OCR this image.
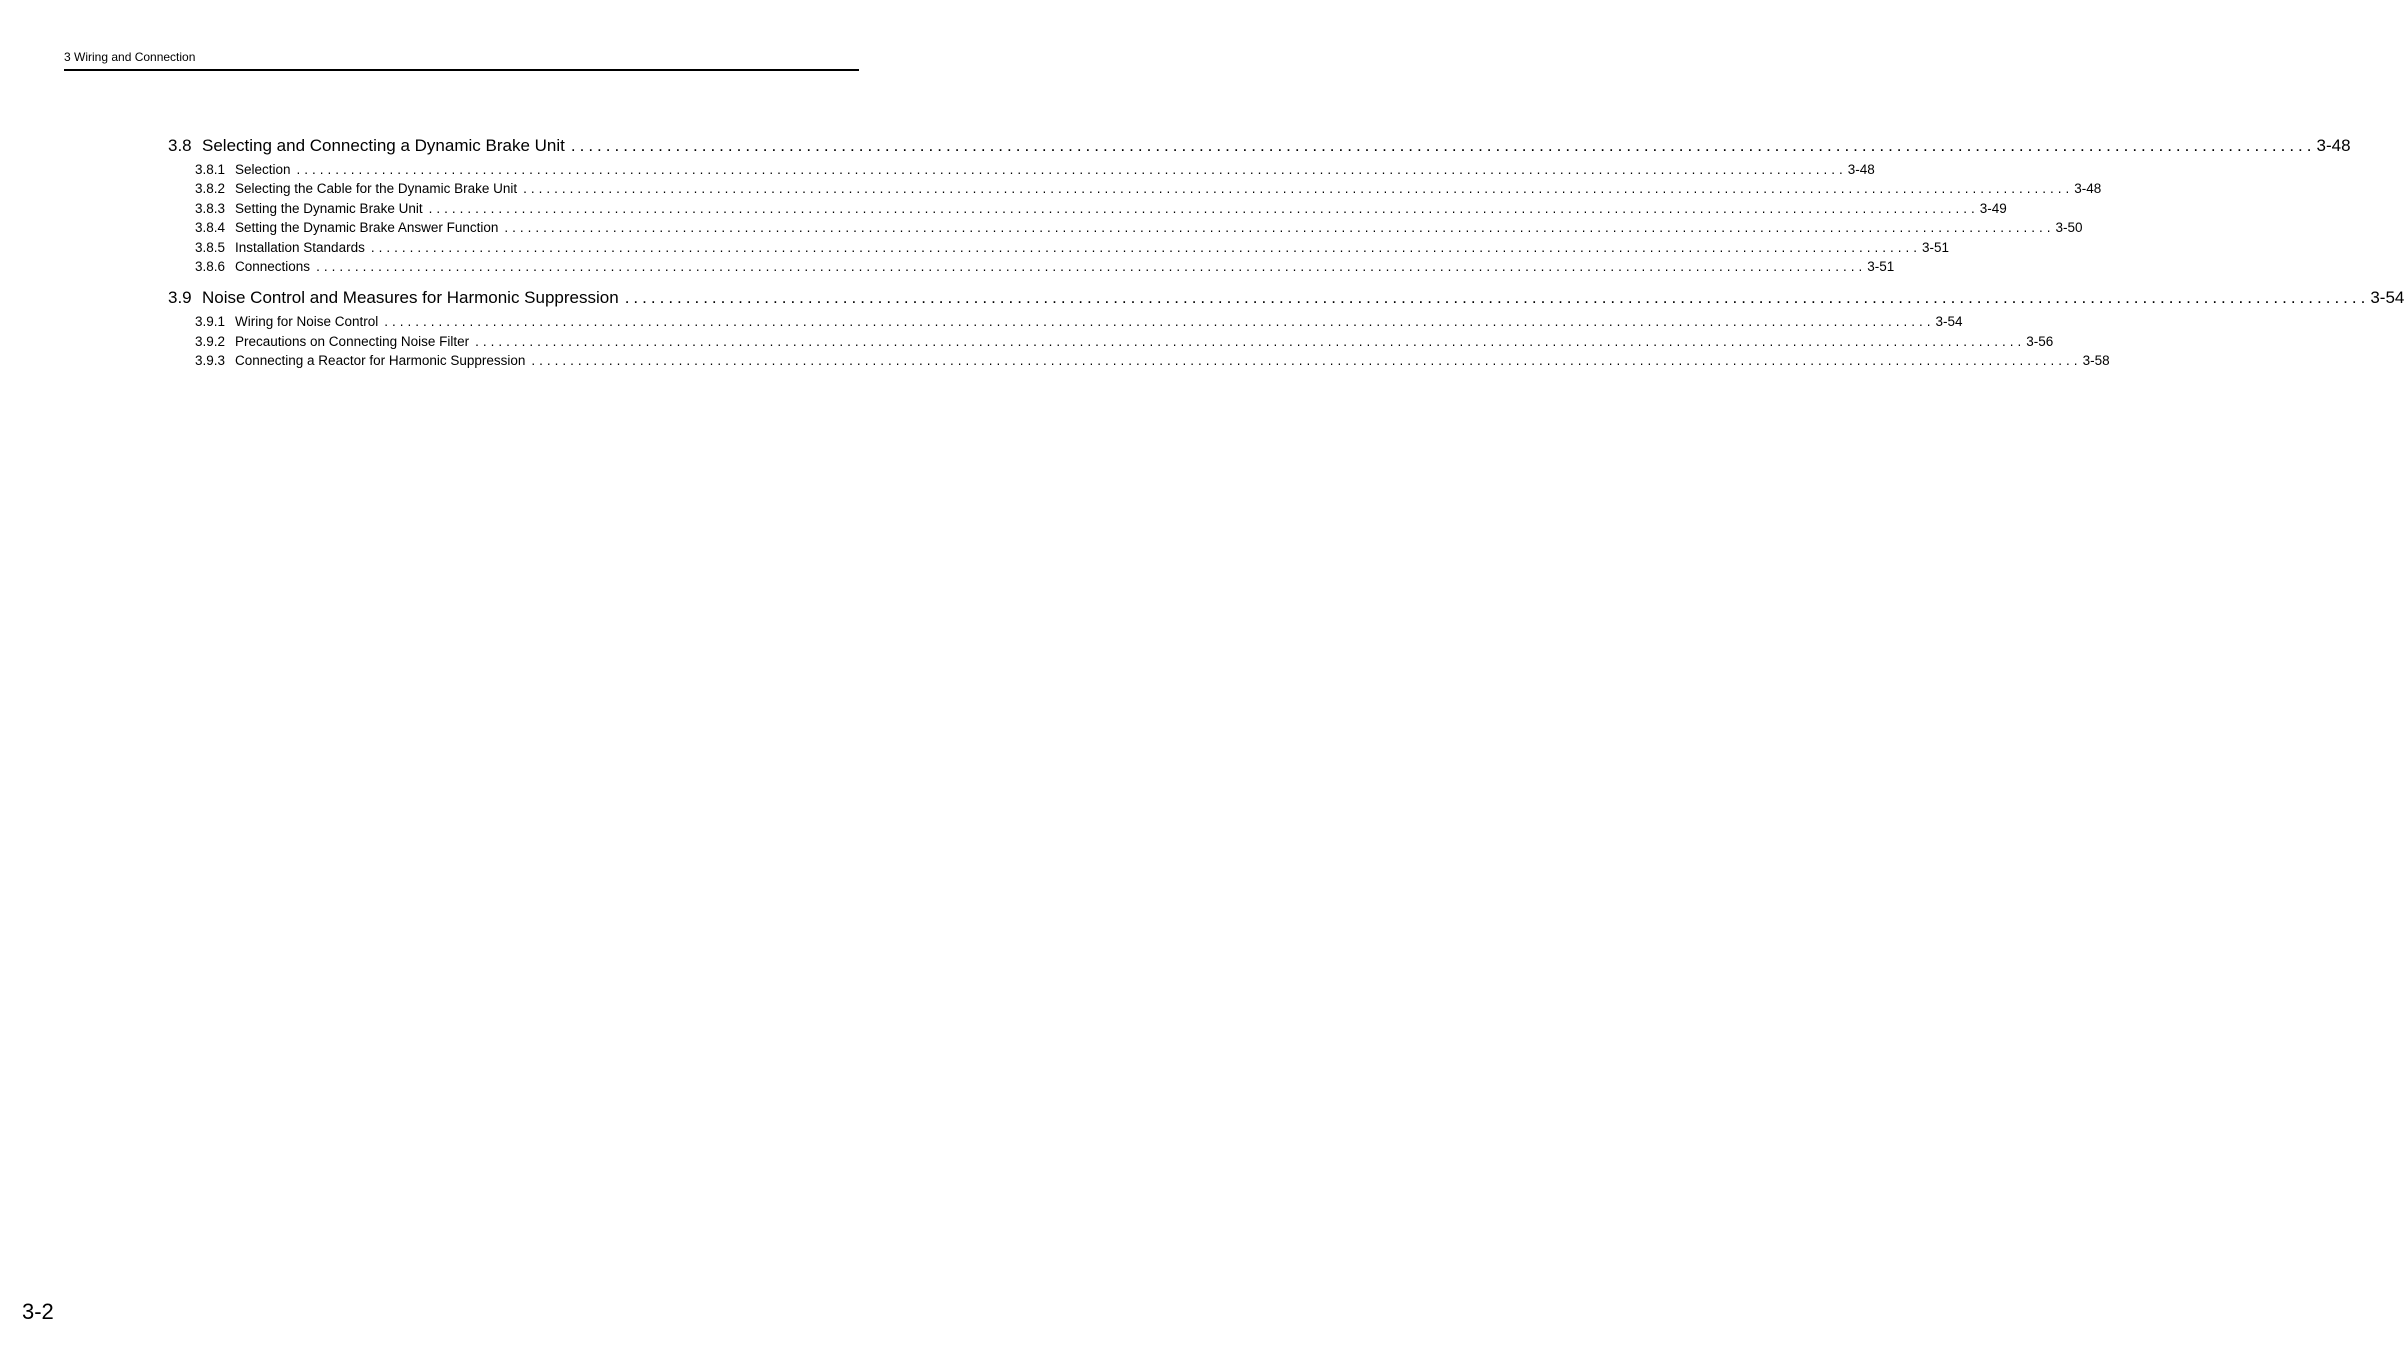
3 Wiring and Connection
3.8 Selecting and Connecting a Dynamic Brake Unit ........................................................................................................................................................................................................ 3-48
3.8.1 Selection ........................................................................................................................................................................................................ 3-48
3.8.2 Selecting the Cable for the Dynamic Brake Unit ........................................................................................................................................................................................................ 3-48
3.8.3 Setting the Dynamic Brake Unit ........................................................................................................................................................................................................ 3-49
3.8.4 Setting the Dynamic Brake Answer Function ........................................................................................................................................................................................................ 3-50
3.8.5 Installation Standards ........................................................................................................................................................................................................ 3-51
3.8.6 Connections ........................................................................................................................................................................................................ 3-51
3.9 Noise Control and Measures for Harmonic Suppression ........................................................................................................................................................................................................ 3-54
3.9.1 Wiring for Noise Control ........................................................................................................................................................................................................ 3-54
3.9.2 Precautions on Connecting Noise Filter ........................................................................................................................................................................................................ 3-56
3.9.3 Connecting a Reactor for Harmonic Suppression ........................................................................................................................................................................................................ 3-58
3-2
